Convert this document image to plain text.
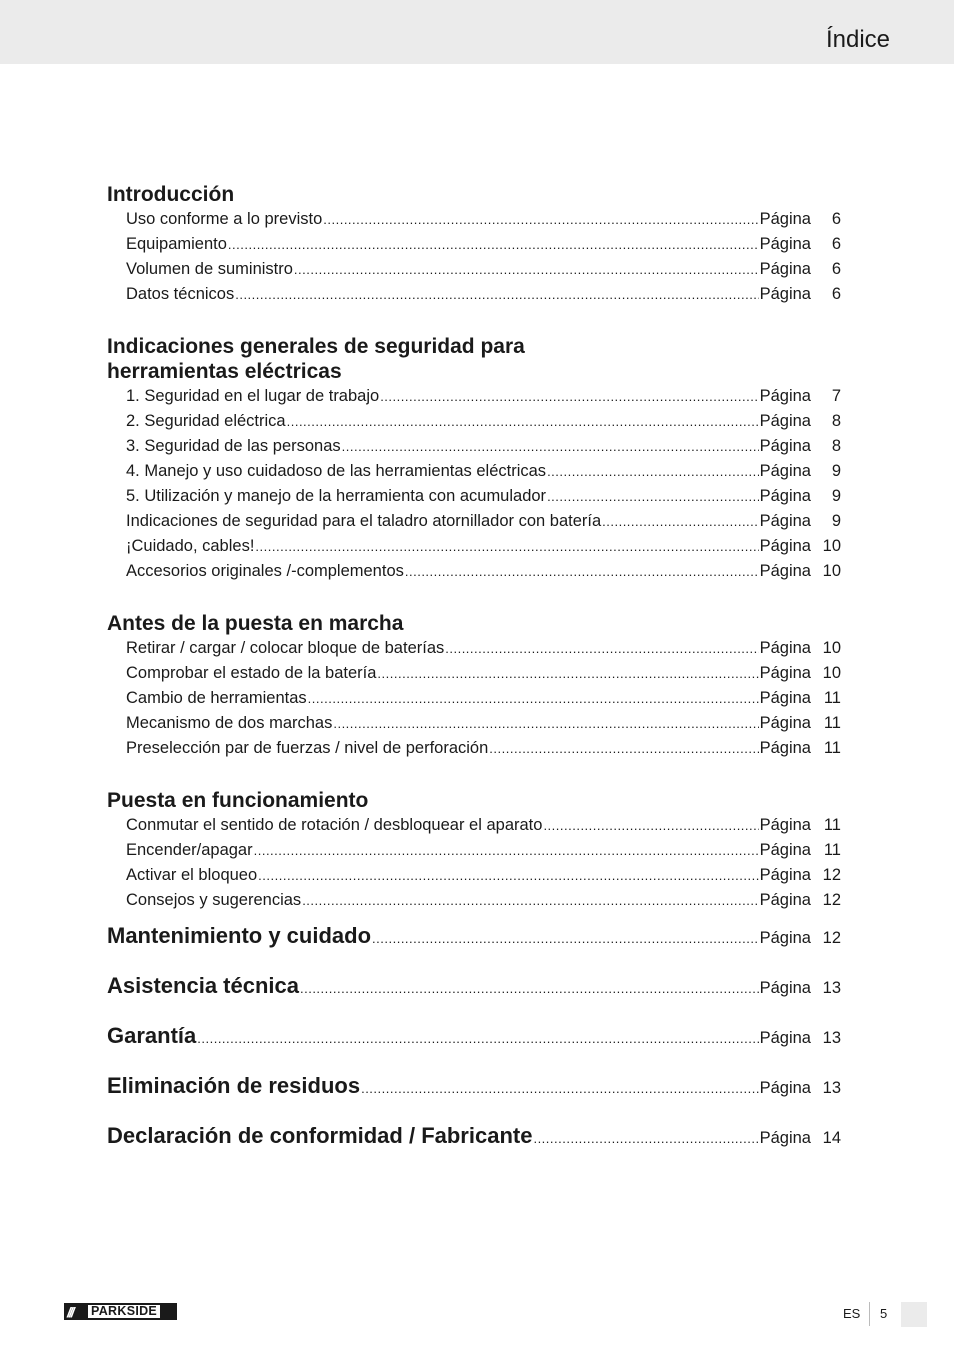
Índice
Introducción
Uso conforme a lo previsto .....	Página	6
Equipamiento .....	Página	6
Volumen de suministro .....	Página	6
Datos técnicos .....	Página	6
Indicaciones generales de seguridad para herramientas eléctricas
1. Seguridad en el lugar de trabajo .....	Página	7
2. Seguridad eléctrica .....	Página	8
3. Seguridad de las personas .....	Página	8
4. Manejo y uso cuidadoso de las herramientas eléctricas .....	Página	9
5. Utilización y manejo de la herramienta con acumulador .....	Página	9
Indicaciones de seguridad para el taladro atornillador con batería .....	Página	9
¡Cuidado, cables! .....	Página 10
Accesorios originales /-complementos .....	Página 10
Antes de la puesta en marcha
Retirar / cargar / colocar bloque de baterías .....	Página 10
Comprobar el estado de la batería .....	Página 10
Cambio de herramientas .....	Página 11
Mecanismo de dos marchas .....	Página 11
Preselección par de fuerzas / nivel de perforación .....	Página 11
Puesta en funcionamiento
Conmutar el sentido de rotación / desbloquear el aparato .....	Página 11
Encender/apagar .....	Página 11
Activar el bloqueo .....	Página 12
Consejos y sugerencias .....	Página 12
Mantenimiento y cuidado .....	Página 12
Asistencia técnica .....	Página 13
Garantía .....	Página 13
Eliminación de residuos .....	Página 13
Declaración de conformidad / Fabricante .....	Página 14
///	PARKSIDE	ES 5
